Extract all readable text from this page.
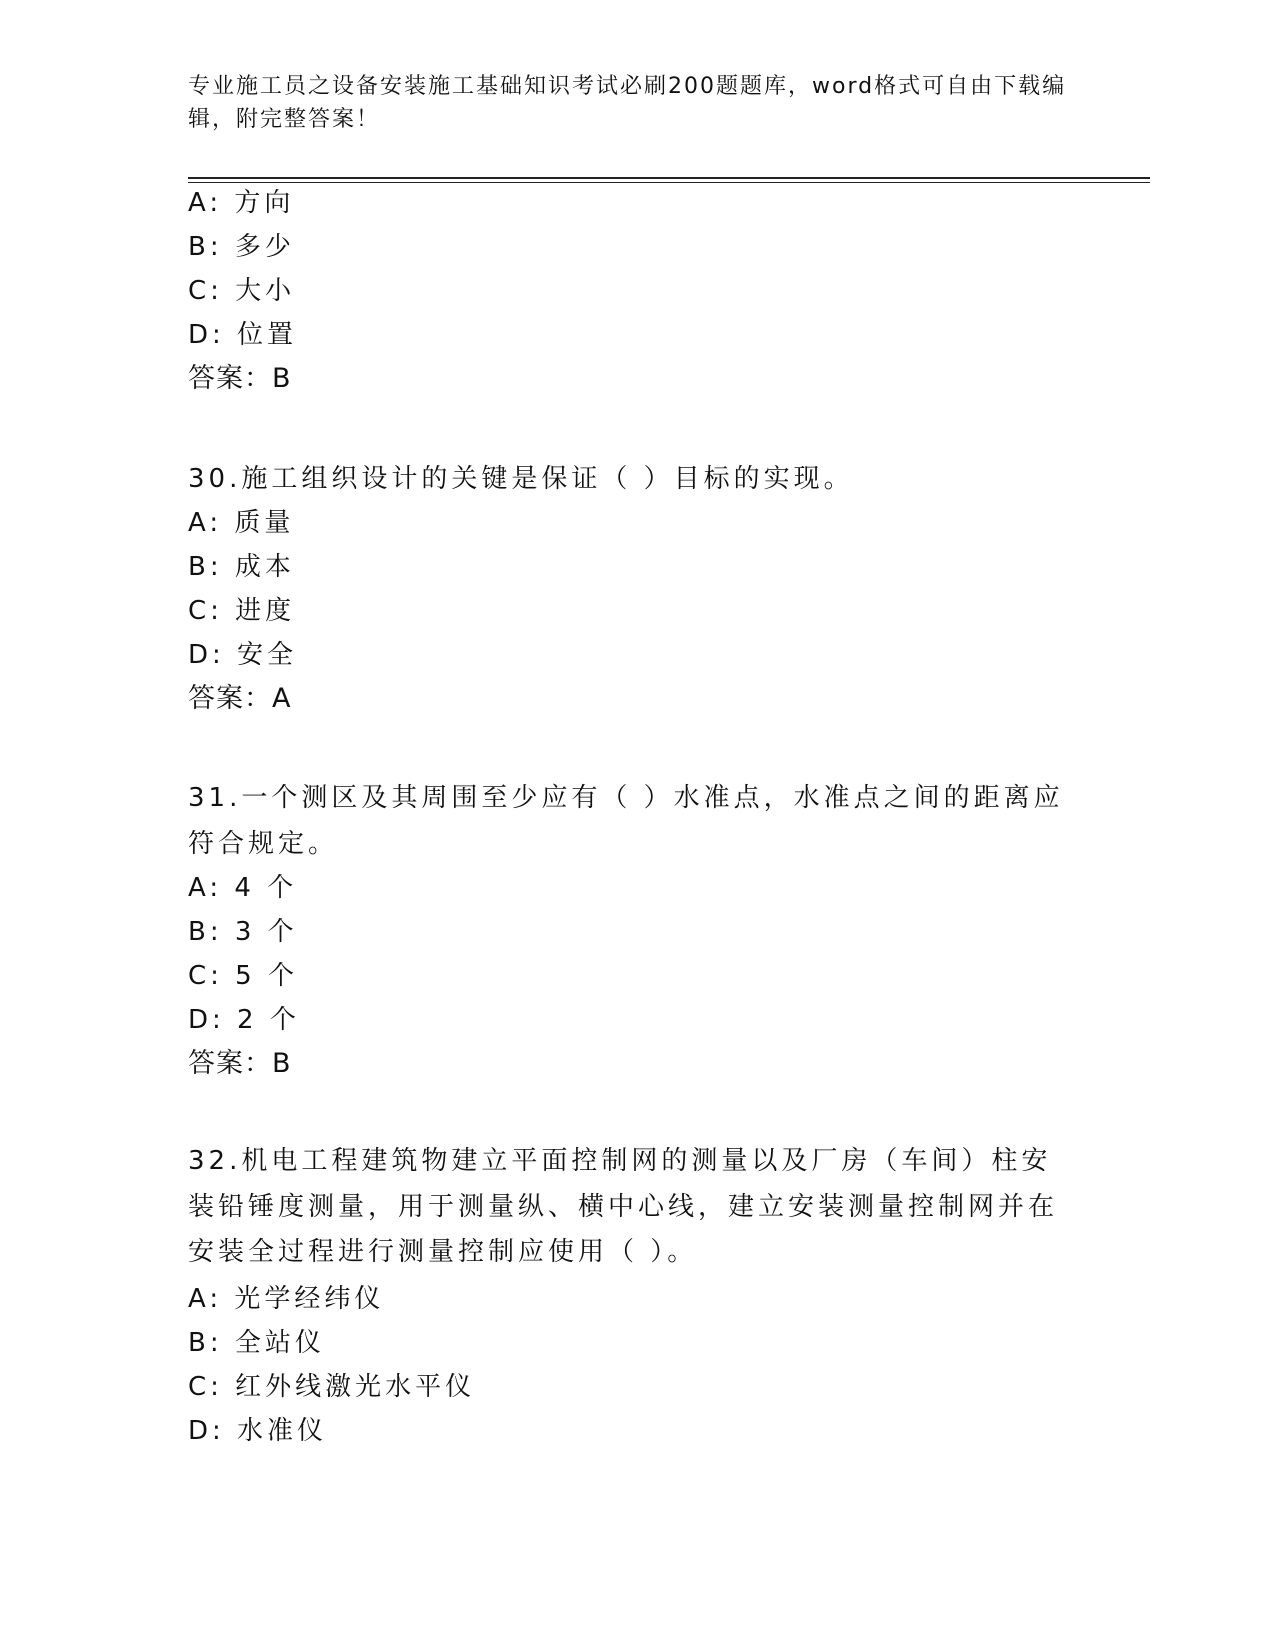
专业施工员之设备安装施工基础知识考试必刷200题题库，word格式可自由下载编辑，附完整答案！
A: 方向
B: 多少
C: 大小
D: 位置
答案：B
30.施工组织设计的关键是保证（ ）目标的实现。
A: 质量
B: 成本
C: 进度
D: 安全
答案：A
31.一个测区及其周围至少应有（ ）水准点，水准点之间的距离应符合规定。
A: 4 个
B: 3 个
C: 5 个
D: 2 个
答案：B
32.机电工程建筑物建立平面控制网的测量以及厂房（车间）柱安装铅锤度测量，用于测量纵、横中心线，建立安装测量控制网并在安装全过程进行测量控制应使用（ ）。
A: 光学经纬仪
B: 全站仪
C: 红外线激光水平仪
D: 水准仪
